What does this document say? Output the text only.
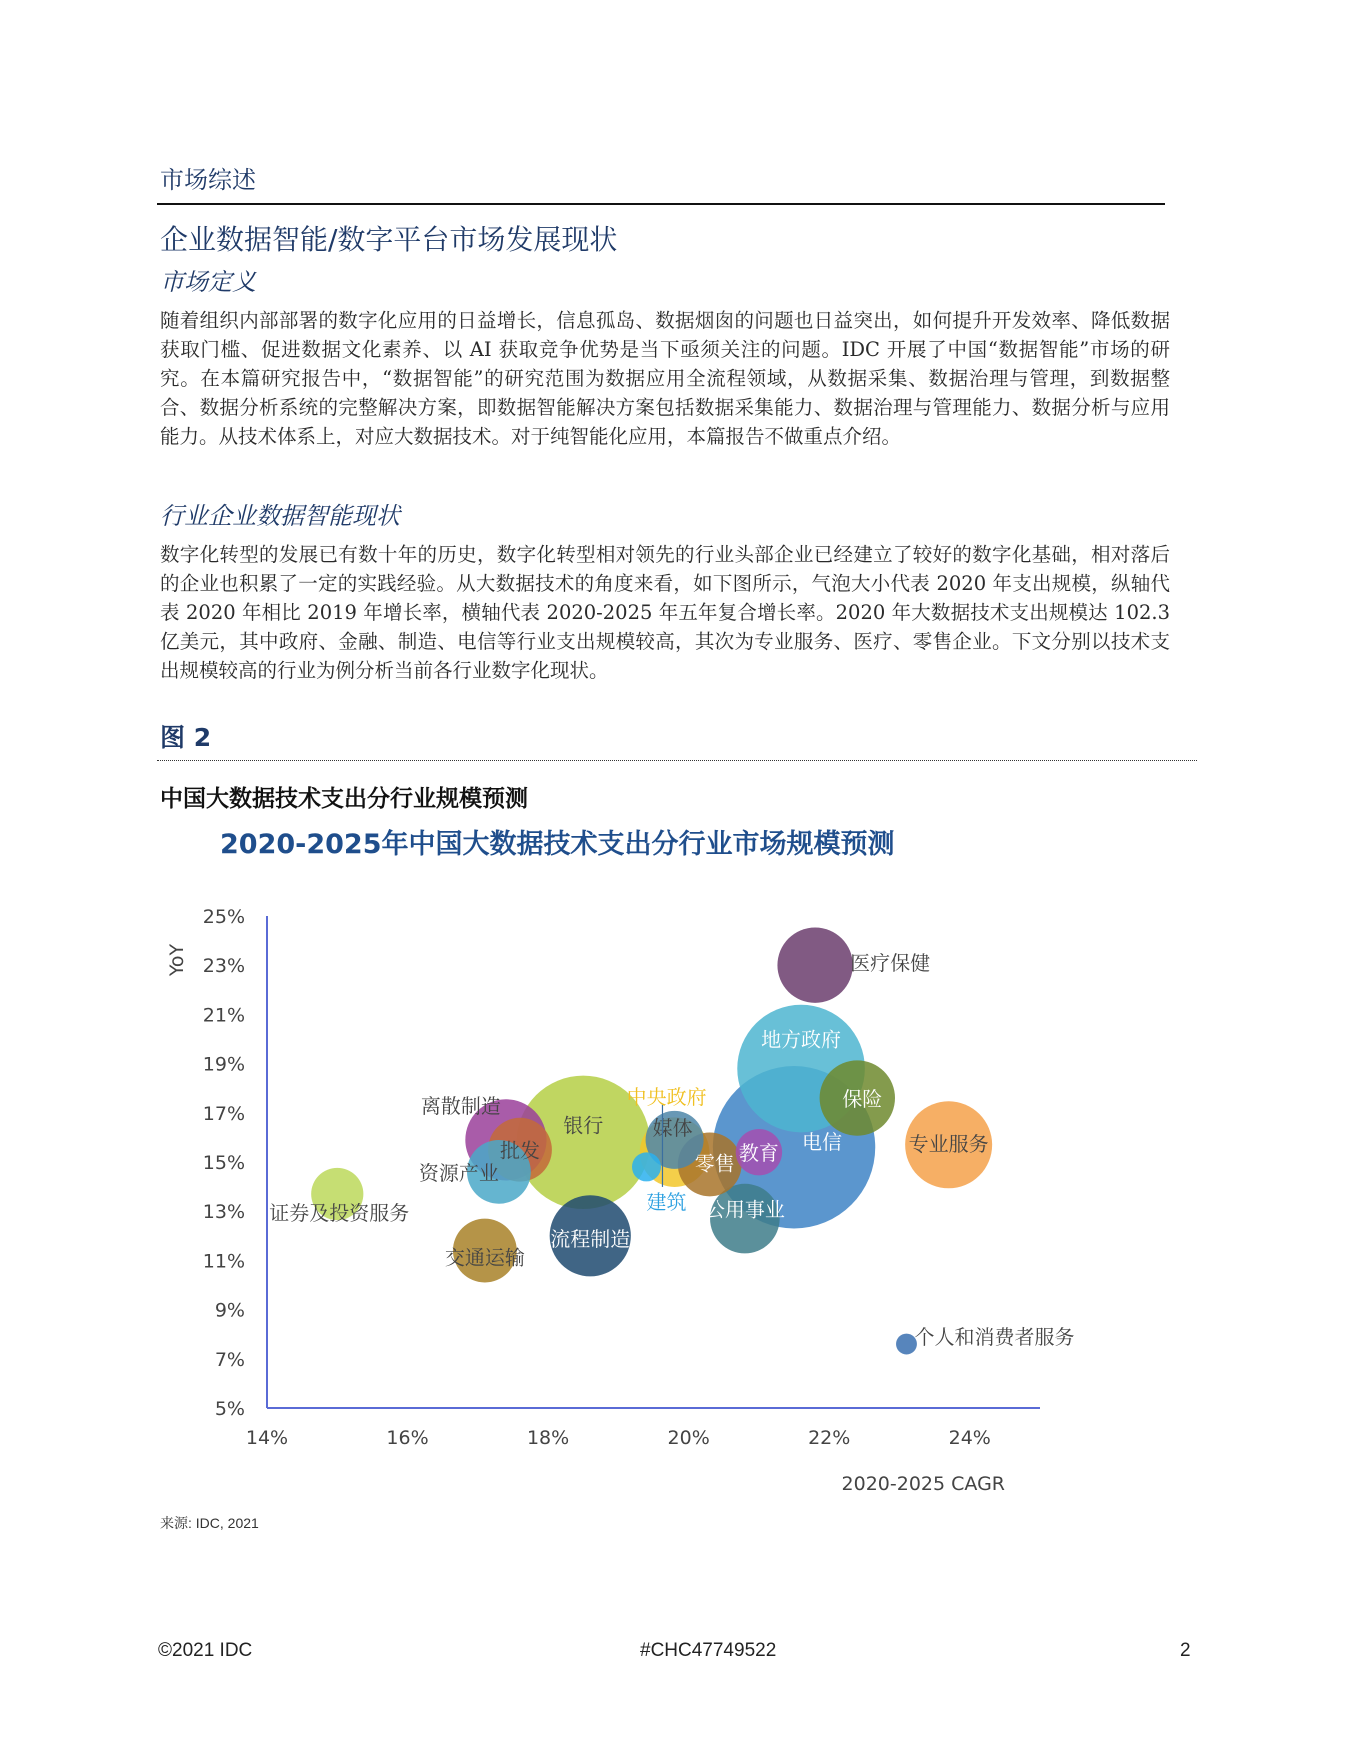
市场综述
企业数据智能/数字平台市场发展现状
市场定义
随着组织内部部署的数字化应用的日益增长，信息孤岛、数据烟囱的问题也日益突出，如何提升开发效率、降低数据获取门槛、促进数据文化素养、以 AI 获取竞争优势是当下亟须关注的问题。IDC 开展了中国“数据智能”市场的研究。在本篇研究报告中，“数据智能”的研究范围为数据应用全流程领域，从数据采集、数据治理与管理，到数据整合、数据分析系统的完整解决方案，即数据智能解决方案包括数据采集能力、数据治理与管理能力、数据分析与应用能力。从技术体系上，对应大数据技术。对于纯智能化应用，本篇报告不做重点介绍。
行业企业数据智能现状
数字化转型的发展已有数十年的历史，数字化转型相对领先的行业头部企业已经建立了较好的数字化基础，相对落后的企业也积累了一定的实践经验。从大数据技术的角度来看，如下图所示，气泡大小代表 2020 年支出规模，纵轴代表 2020 年相比 2019 年增长率，横轴代表 2020-2025 年五年复合增长率。2020 年大数据技术支出规模达 102.3 亿美元，其中政府、金融、制造、电信等行业支出规模较高，其次为专业服务、医疗、零售企业。下文分别以技术支出规模较高的行业为例分析当前各行业数字化现状。
图 2
中国大数据技术支出分行业规模预测
2020-2025年中国大数据技术支出分行业市场规模预测
5%
7%
9%
11%
13%
15%
17%
19%
21%
23%
25%
14%	16%	18%	20%	22%	24%
YoY
2020-2025 CAGR
地方政府
电信
银行
医疗保健
保险
专业服务
离散制造
批发
资源产业
证券及投资服务
交通运输
流程制造
中央政府
媒体
建筑
零售 教育
公用事业
个人和消费者服务
来源: IDC, 2021
©2021 IDC	#CHC47749522	2
